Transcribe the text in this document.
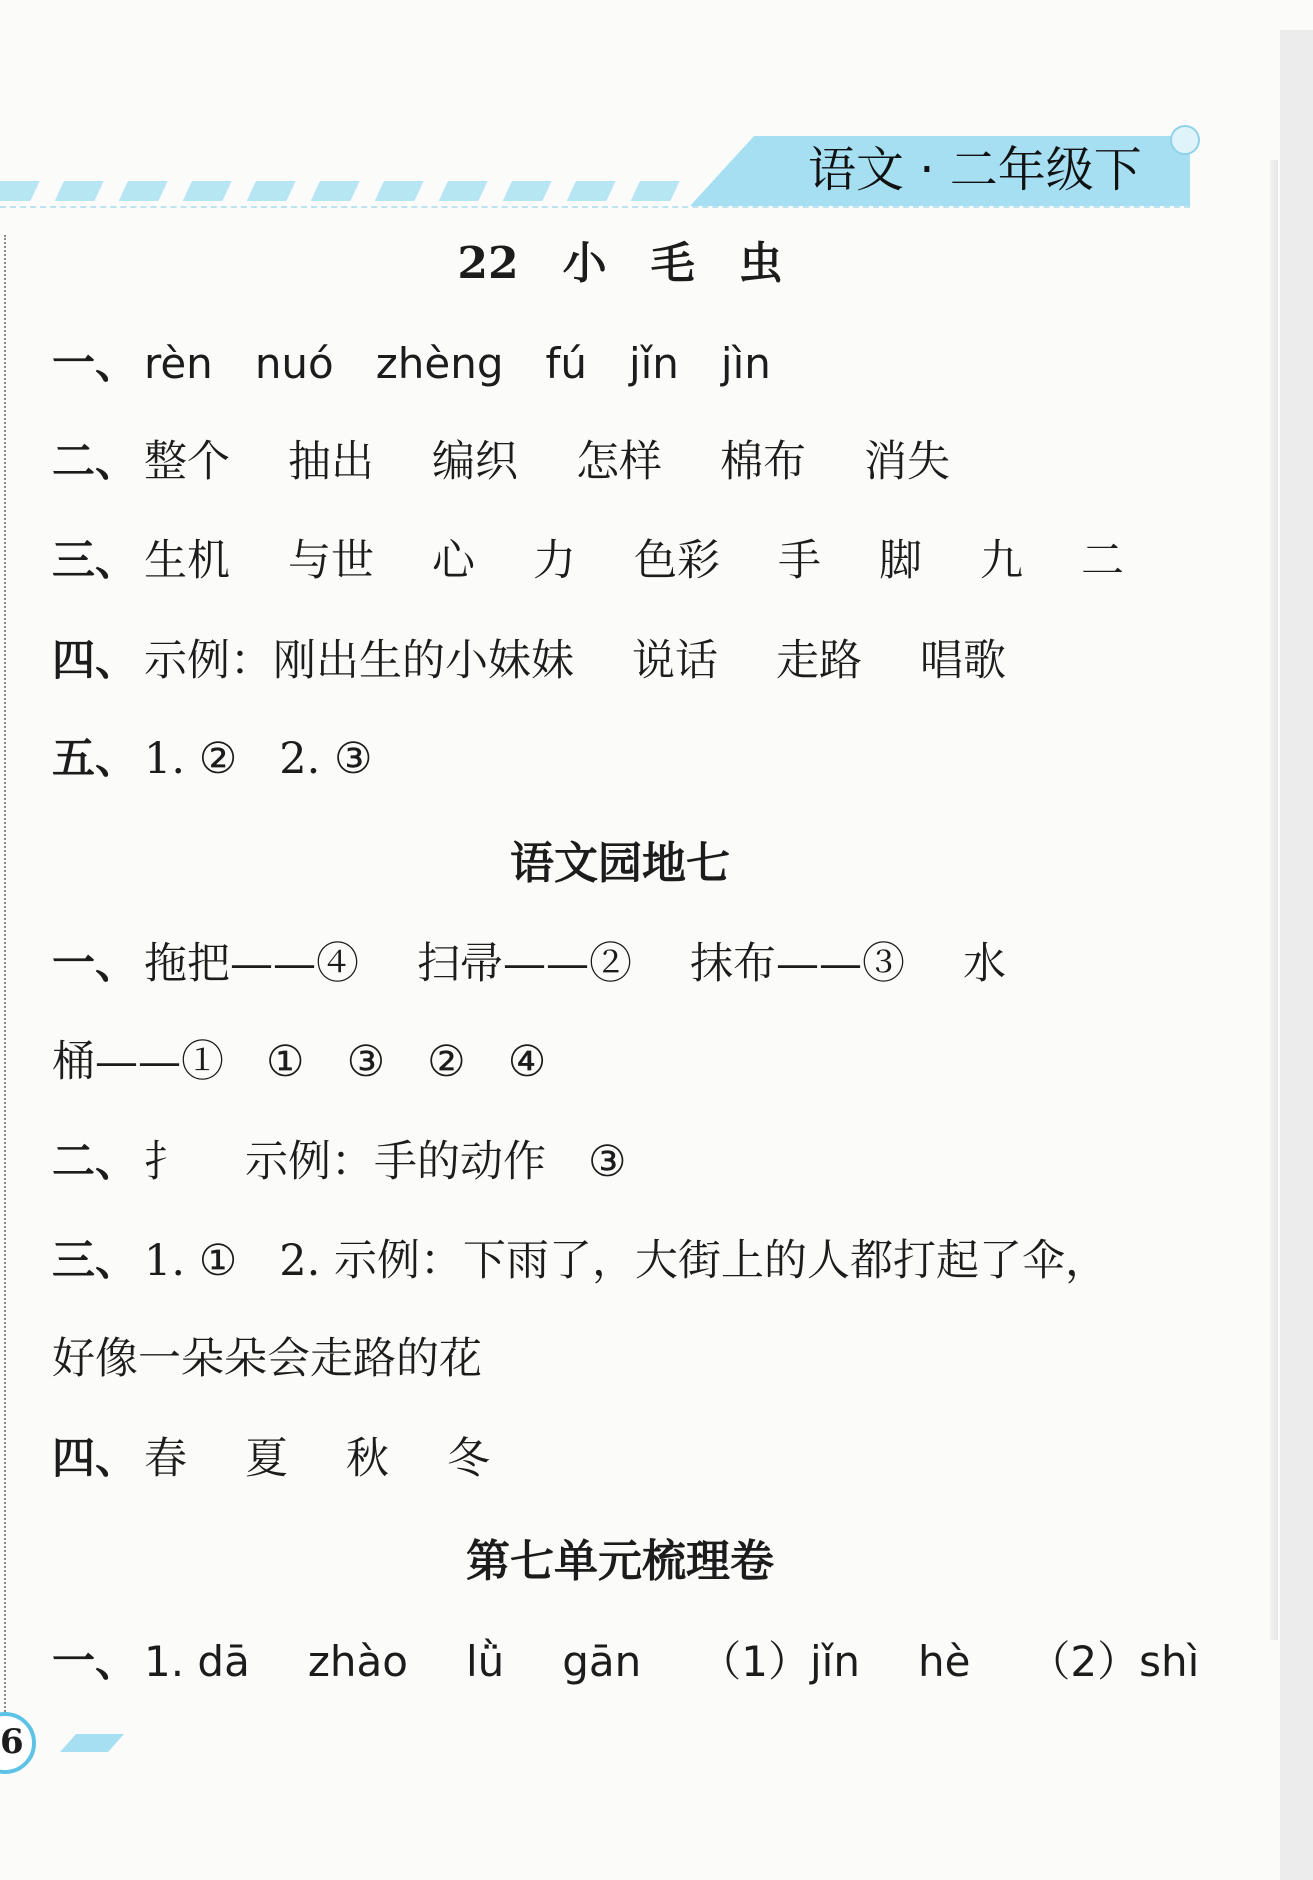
语文 · 二年级下
22　小　毛　虫
一、 rèn nuó zhèng fú jǐn jìn
二、 整个 抽出 编织 怎样 棉布 消失
三、 生机 与世 心 力 色彩 手 脚 九 二
四、 示例：刚出生的小妹妹 说话 走路 唱歌
五、 1. ② 2. ③
语文园地七
一、 拖把——④ 扫帚——② 抹布——③ 水
桶——① ① ③ ② ④
二、 扌 示例：手的动作 ③
三、 1. ① 2. 示例：下雨了，大街上的人都打起了伞，
好像一朵朵会走路的花
四、 春 夏 秋 冬
第七单元梳理卷
一、 1. dā zhào lǜ gān （1）jǐn hè （2）shì
6
